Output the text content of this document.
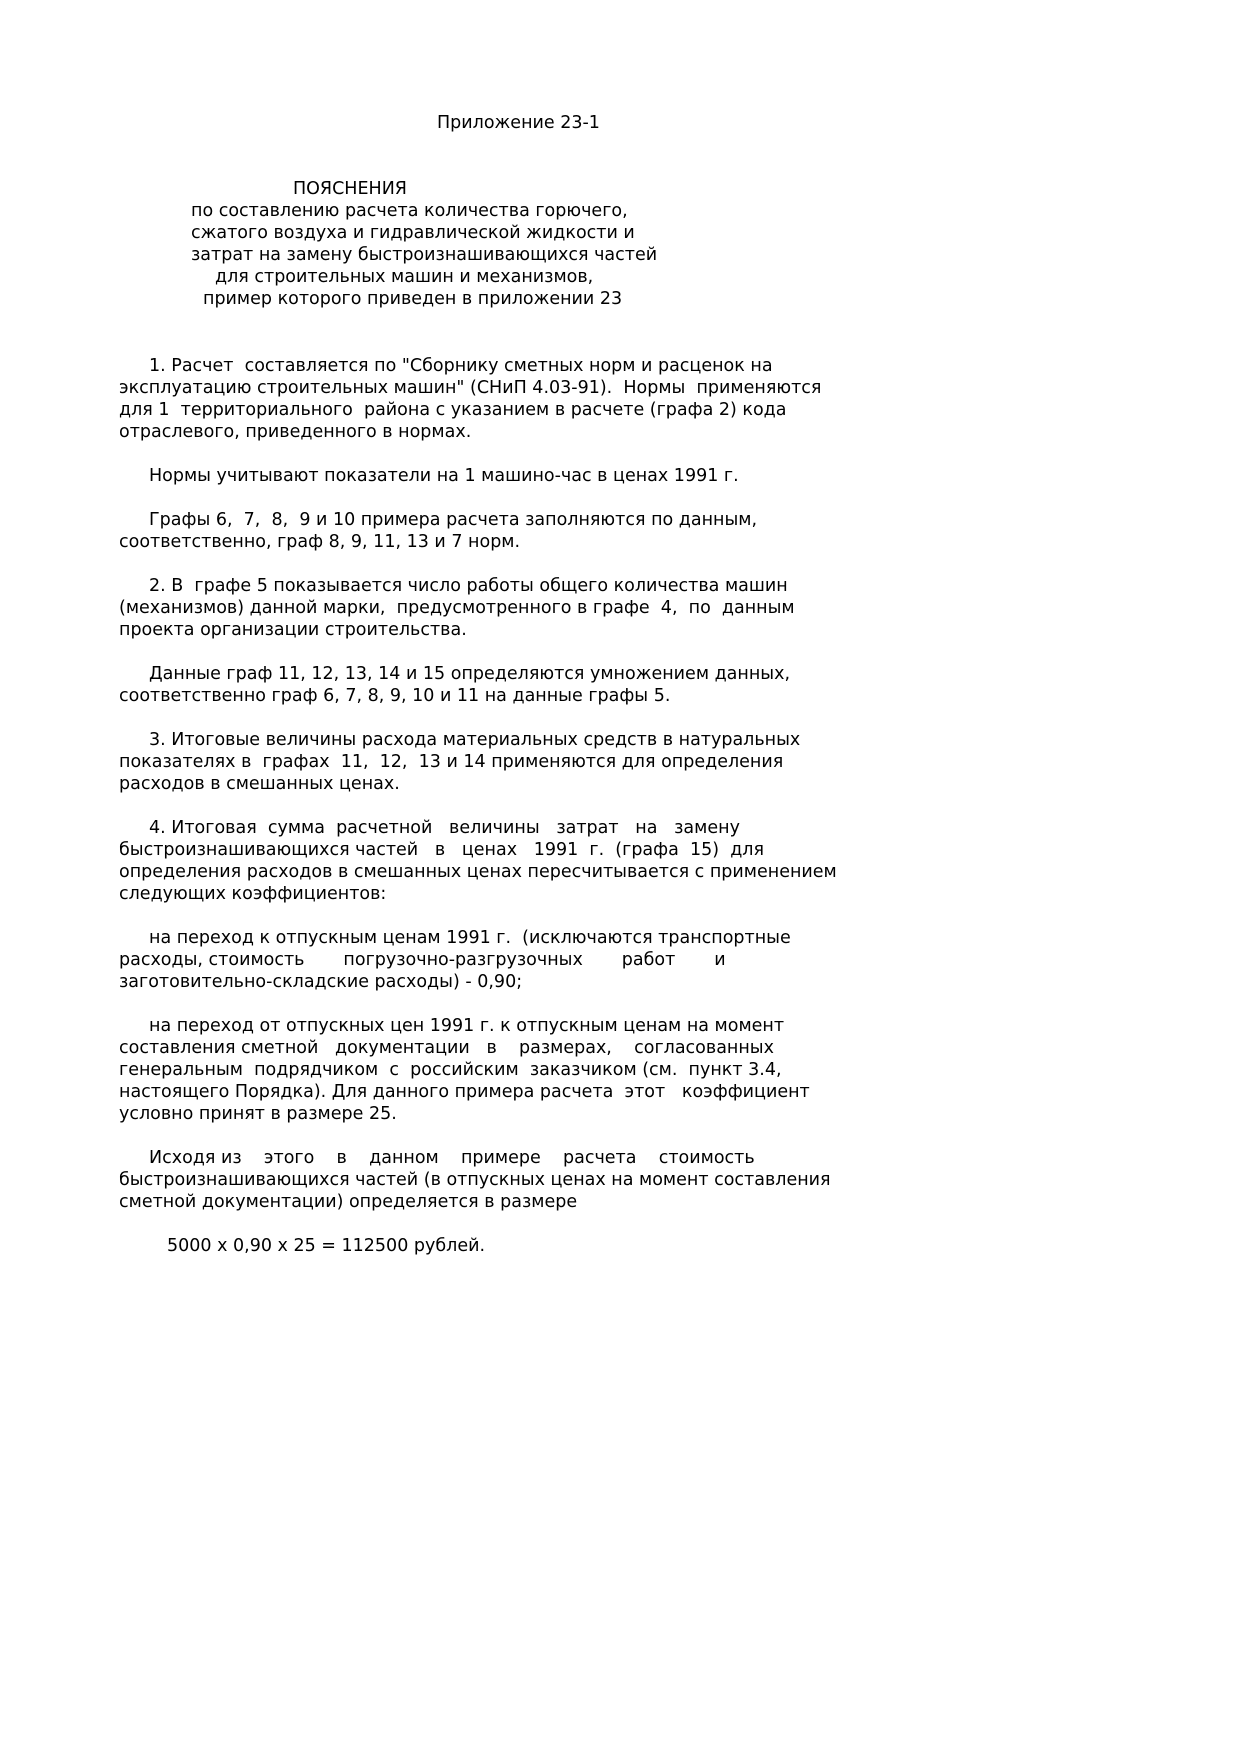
Приложение 23-1
ПОЯСНЕНИЯ
по составлению расчета количества горючего,
сжатого воздуха и гидравлической жидкости и
затрат на замену быстроизнашивающихся частей
для строительных машин и механизмов,
пример которого приведен в приложении 23
1. Расчет  составляется по "Сборнику сметных норм и расценок на
эксплуатацию строительных машин" (СНиП 4.03-91).  Нормы  применяются
для 1  территориального  района с указанием в расчете (графа 2) кода
отраслевого, приведенного в нормах.
Нормы учитывают показатели на 1 машино-час в ценах 1991 г.
Графы 6,  7,  8,  9 и 10 примера расчета заполняются по данным,
соответственно, граф 8, 9, 11, 13 и 7 норм.
2. В  графе 5 показывается число работы общего количества машин
(механизмов) данной марки,  предусмотренного в графе  4,  по  данным
проекта организации строительства.
Данные граф 11, 12, 13, 14 и 15 определяются умножением данных,
соответственно граф 6, 7, 8, 9, 10 и 11 на данные графы 5.
3. Итоговые величины расхода материальных средств в натуральных
показателях в  графах  11,  12,  13 и 14 применяются для определения
расходов в смешанных ценах.
4. Итоговая  сумма  расчетной   величины   затрат   на   замену
быстроизнашивающихся частей   в   ценах   1991  г.  (графа  15)  для
определения расходов в смешанных ценах пересчитывается с применением
следующих коэффициентов:
на переход к отпускным ценам 1991 г.  (исключаются транспортные
расходы, стоимость       погрузочно-разгрузочных       работ       и
заготовительно-складские расходы) - 0,90;
на переход от отпускных цен 1991 г. к отпускным ценам на момент
составления сметной   документации   в    размерах,    согласованных
генеральным  подрядчиком  с  российским  заказчиком (см.  пункт 3.4,
настоящего Порядка). Для данного примера расчета  этот   коэффициент
условно принят в размере 25.
Исходя из    этого    в    данном    примере    расчета    стоимость
быстроизнашивающихся частей (в отпускных ценах на момент составления
сметной документации) определяется в размере
5000 х 0,90 х 25 = 112500 рублей.
